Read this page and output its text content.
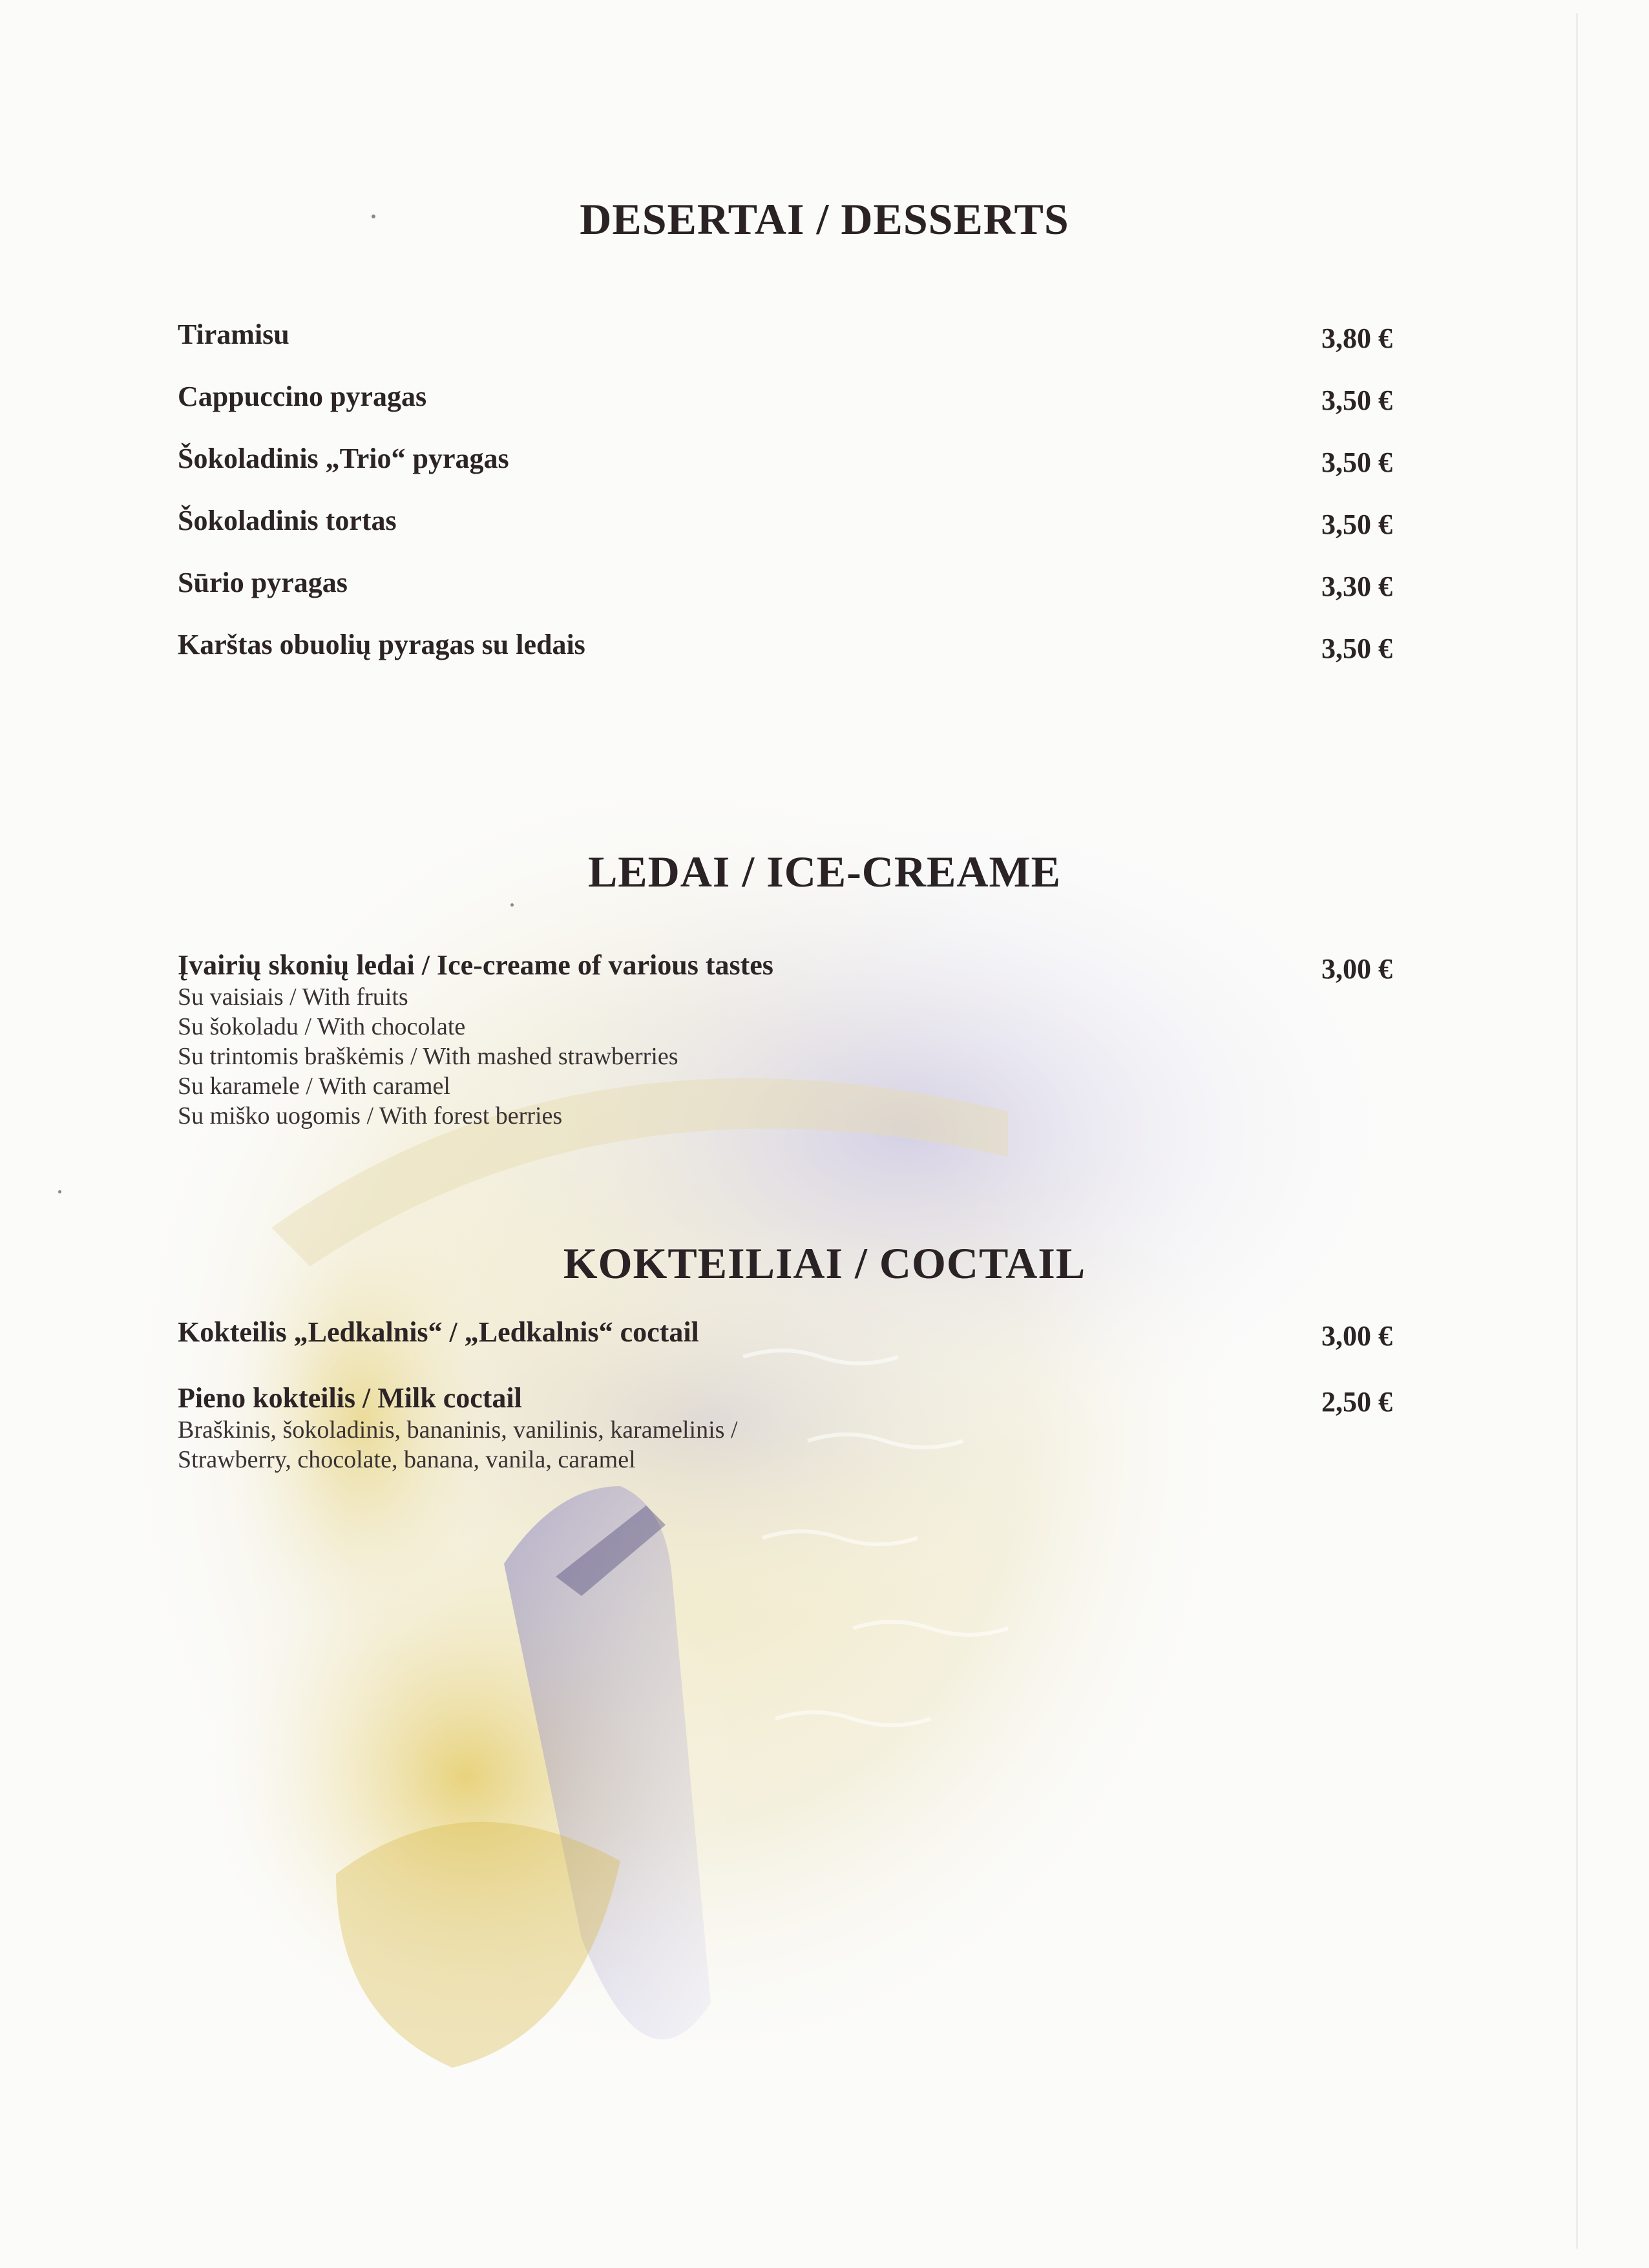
DESERTAI / DESSERTS
Tiramisu	3,80 €
Cappuccino pyragas	3,50 €
Šokoladinis „Trio“ pyragas	3,50 €
Šokoladinis tortas	3,50 €
Sūrio pyragas	3,30 €
Karštas obuolių pyragas su ledais	3,50 €
LEDAI / ICE-CREAME
Įvairių skonių ledai / Ice-creame of various tastes	3,00 €
Su vaisiais / With fruits
Su šokoladu / With chocolate
Su trintomis braškėmis / With mashed strawberries
Su karamele / With caramel
Su miško uogomis / With forest berries
KOKTEILIAI / COCTAIL
Kokteilis „Ledkalnis“ / „Ledkalnis“ coctail	3,00 €
Pieno kokteilis / Milk coctail	2,50 €
Braškinis, šokoladinis, bananinis, vanilinis, karamelinis /
Strawberry, chocolate, banana, vanila, caramel
